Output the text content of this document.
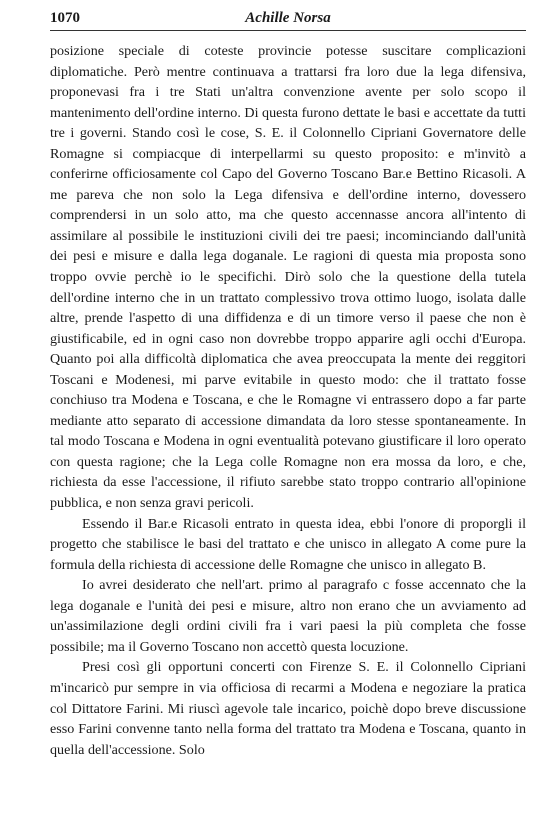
1070	Achille Norsa

posizione speciale di coteste provincie potesse suscitare complicazioni diplomatiche. Però mentre continuava a trattarsi fra loro due la lega difensiva, proponevasi fra i tre Stati un'altra convenzione avente per solo scopo il mantenimento dell'ordine interno. Di questa furono dettate le basi e accettate da tutti tre i governi. Stando così le cose, S. E. il Colonnello Cipriani Governatore delle Romagne si compiacque di interpellarmi su questo proposito: e m'invitò a conferirne officiosamente col Capo del Governo Toscano Bar.e Bettino Ricasoli. A me pareva che non solo la Lega difensiva e dell'ordine interno, dovessero comprendersi in un solo atto, ma che questo accennasse ancora all'intento di assimilare al possibile le instituzioni civili dei tre paesi; incominciando dall'unità dei pesi e misure e dalla lega doganale. Le ragioni di questa mia proposta sono troppo ovvie perchè io le specifichi. Dirò solo che la questione della tutela dell'ordine interno che in un trattato complessivo trova ottimo luogo, isolata dalle altre, prende l'aspetto di una diffidenza e di un timore verso il paese che non è giustificabile, ed in ogni caso non dovrebbe troppo apparire agli occhi d'Europa. Quanto poi alla difficoltà diplomatica che avea preoccupata la mente dei reggitori Toscani e Modenesi, mi parve evitabile in questo modo: che il trattato fosse conchiuso tra Modena e Toscana, e che le Romagne vi entrassero dopo a far parte mediante atto separato di accessione dimandata da loro stesse spontaneamente. In tal modo Toscana e Modena in ogni eventualità potevano giustificare il loro operato con questa ragione; che la Lega colle Romagne non era mossa da loro, e che, richiesta da esse l'accessione, il rifiuto sarebbe stato troppo contrario all'opinione pubblica, e non senza gravi pericoli.

Essendo il Bar.e Ricasoli entrato in questa idea, ebbi l'onore di proporgli il progetto che stabilisce le basi del trattato e che unisco in allegato A come pure la formula della richiesta di accessione delle Romagne che unisco in allegato B.

Io avrei desiderato che nell'art. primo al paragrafo c fosse accennato che la lega doganale e l'unità dei pesi e misure, altro non erano che un avviamento ad un'assimilazione degli ordini civili fra i vari paesi la più completa che fosse possibile; ma il Governo Toscano non accettò questa locuzione.

Presi così gli opportuni concerti con Firenze S. E. il Colonnello Cipriani m'incaricò pur sempre in via officiosa di recarmi a Modena e negoziare la pratica col Dittatore Farini. Mi riuscì agevole tale incarico, poichè dopo breve discussione esso Farini convenne tanto nella forma del trattato tra Modena e Toscana, quanto in quella dell'accessione. Solo
